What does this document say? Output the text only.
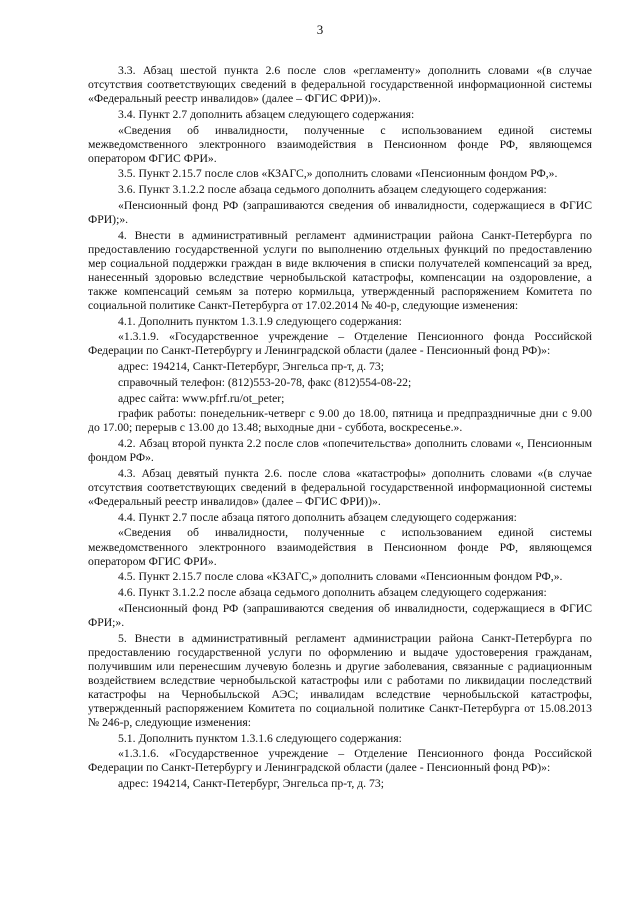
3

3.3. Абзац шестой пункта 2.6 после слов «регламенту» дополнить словами «(в случае отсутствия соответствующих сведений в федеральной государственной информационной системы «Федеральный реестр инвалидов» (далее – ФГИС ФРИ))».

3.4. Пункт 2.7 дополнить абзацем следующего содержания:

«Сведения об инвалидности, полученные с использованием единой системы межведомственного электронного взаимодействия в Пенсионном фонде РФ, являющемся оператором ФГИС ФРИ».

3.5. Пункт 2.15.7 после слов «КЗАГС,» дополнить словами «Пенсионным фондом РФ,».

3.6. Пункт 3.1.2.2 после абзаца седьмого дополнить абзацем следующего содержания:

«Пенсионный фонд РФ (запрашиваются сведения об инвалидности, содержащиеся в ФГИС ФРИ);».

4. Внести в административный регламент администрации района Санкт-Петербурга по предоставлению государственной услуги по выполнению отдельных функций по предоставлению мер социальной поддержки граждан в виде включения в списки получателей компенсаций за вред, нанесенный здоровью вследствие чернобыльской катастрофы, компенсации на оздоровление, а также компенсаций семьям за потерю кормильца, утвержденный распоряжением Комитета по социальной политике Санкт-Петербурга от 17.02.2014 № 40-р, следующие изменения:

4.1. Дополнить пунктом 1.3.1.9 следующего содержания:

«1.3.1.9. «Государственное учреждение – Отделение Пенсионного фонда Российской Федерации по Санкт-Петербургу и Ленинградской области (далее - Пенсионный фонд РФ)»:

адрес: 194214, Санкт-Петербург, Энгельса пр-т, д. 73;

справочный телефон: (812)553-20-78, факс (812)554-08-22;

адрес сайта: www.pfrf.ru/ot_peter;

график работы: понедельник-четверг с 9.00 до 18.00, пятница и предпраздничные дни с 9.00 до 17.00; перерыв с 13.00 до 13.48; выходные дни - суббота, воскресенье.».

4.2. Абзац второй пункта 2.2 после слов «попечительства» дополнить словами «, Пенсионным фондом РФ».

4.3. Абзац девятый пункта 2.6. после слова «катастрофы» дополнить словами «(в случае отсутствия соответствующих сведений в федеральной государственной информационной системы «Федеральный реестр инвалидов» (далее – ФГИС ФРИ))».

4.4. Пункт 2.7 после абзаца пятого дополнить абзацем следующего содержания:

«Сведения об инвалидности, полученные с использованием единой системы межведомственного электронного взаимодействия в Пенсионном фонде РФ, являющемся оператором ФГИС ФРИ».

4.5. Пункт 2.15.7 после слова «КЗАГС,» дополнить словами «Пенсионным фондом РФ,».

4.6. Пункт 3.1.2.2 после абзаца седьмого дополнить абзацем следующего содержания:

«Пенсионный фонд РФ (запрашиваются сведения об инвалидности, содержащиеся в ФГИС ФРИ;».

5. Внести в административный регламент администрации района Санкт-Петербурга по предоставлению государственной услуги по оформлению и выдаче удостоверения гражданам, получившим или перенесшим лучевую болезнь и другие заболевания, связанные с радиационным воздействием вследствие чернобыльской катастрофы или с работами по ликвидации последствий катастрофы на Чернобыльской АЭС; инвалидам вследствие чернобыльской катастрофы, утвержденный распоряжением Комитета по социальной политике Санкт-Петербурга от 15.08.2013 № 246-р, следующие изменения:

5.1. Дополнить пунктом 1.3.1.6 следующего содержания:

«1.3.1.6. «Государственное учреждение – Отделение Пенсионного фонда Российской Федерации по Санкт-Петербургу и Ленинградской области (далее - Пенсионный фонд РФ)»:

адрес: 194214, Санкт-Петербург, Энгельса пр-т, д. 73;
